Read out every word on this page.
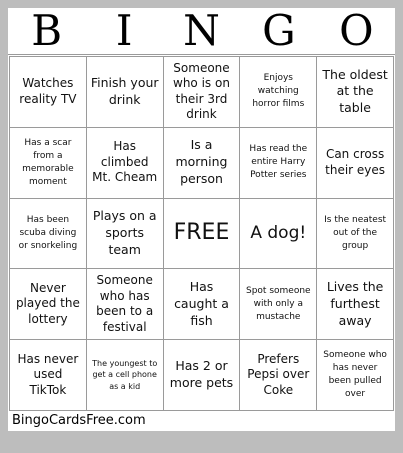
B	I	N	G	O
Watches reality TV
Finish your drink
Someone who is on their 3rd drink
Enjoys watching horror films
The oldest at the table
Has a scar from a memorable moment
Has climbed Mt. Cheam
Is a morning person
Has read the entire Harry Potter series
Can cross their eyes
Has been scuba diving or snorkeling
Plays on a sports team
FREE A dog!
Is the neatest out of the group
Never played the lottery
Someone who has been to a festival
Has caught a fish
Spot someone with only a mustache
Lives the furthest away
Has never used TikTok
The youngest to get a cell phone as a kid
Has 2 or more pets
Prefers Pepsi over Coke
Someone who has never been pulled over
BingoCardsFree.com
